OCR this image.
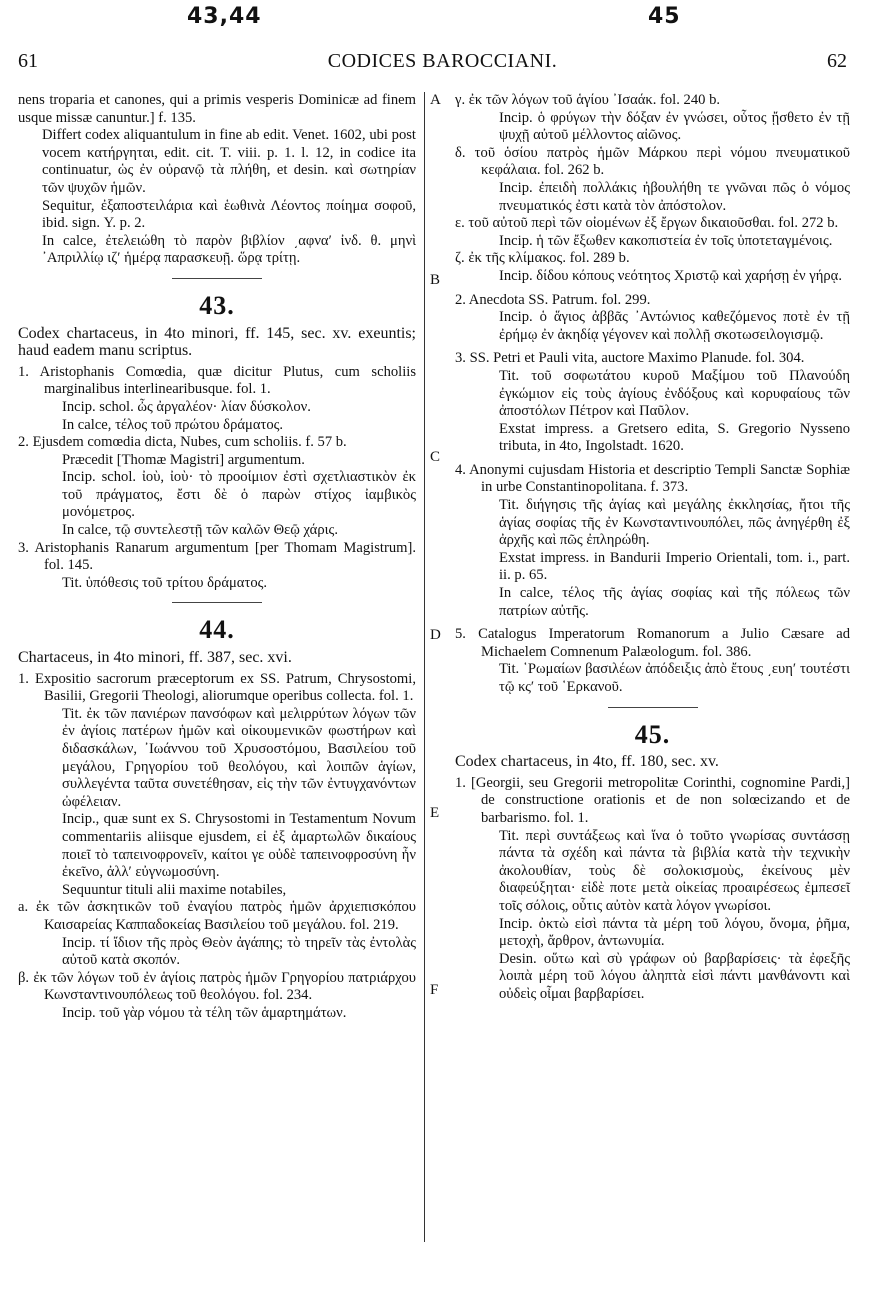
43,44	45
61	CODICES BAROCCIANI.	62
A
B
C
D
E
F

nens troparia et canones, qui a primis vesperis Dominicæ ad finem usque missæ canuntur.] f. 135.

Differt codex aliquantulum in fine ab edit. Venet. 1602, ubi post vocem κατήργηται, edit. cit. T. viii. p. 1. l. 12, in codice ita continuatur, ὡς ἐν οὐρανῷ τὰ πλήθη, et desin. καὶ σωτηρίαν τῶν ψυχῶν ἡμῶν.

Sequitur, ἐξαποστειλάρια καὶ ἑωθινὰ Λέοντος ποίημα σοφοῦ, ibid. sign. Υ. p. 2.

In calce, ἐτελειώθη τὸ παρὸν βιβλίον ͵αφνα′ ἰνδ. θ. μηνὶ ᾿Απριλλίῳ ιζ′ ἡμέρᾳ παρασκευῇ. ὥρᾳ τρίτῃ.

43.

Codex chartaceus, in 4to minori, ff. 145, sec. xv. exeuntis; haud eadem manu scriptus.

1. Aristophanis Comœdia, quæ dicitur Plutus, cum scholiis marginalibus interlinearibusque. fol. 1.

Incip. schol. ὦς ἀργαλέον· λίαν δύσκολον.

In calce, τέλος τοῦ πρώτου δράματος.

2. Ejusdem comœdia dicta, Nubes, cum scholiis. f. 57 b.

Præcedit [Thomæ Magistri] argumentum.

Incip. schol. ἰοὺ, ἰοὺ· τὸ προοίμιον ἐστὶ σχετλιαστικὸν ἐκ τοῦ πράγματος, ἔστι δὲ ὁ παρὼν στίχος ἰαμβικὸς μονόμετρος.

In calce, τῷ συντελεστῇ τῶν καλῶν Θεῷ χάρις.

3. Aristophanis Ranarum argumentum [per Thomam Magistrum]. fol. 145.

Tit. ὑπόθεσις τοῦ τρίτου δράματος.

44.

Chartaceus, in 4to minori, ff. 387, sec. xvi.

1. Expositio sacrorum præceptorum ex SS. Patrum, Chrysostomi, Basilii, Gregorii Theologi, aliorumque operibus collecta. fol. 1.

Tit. ἐκ τῶν πανιέρων πανσόφων καὶ μελιρρύτων λόγων τῶν ἐν ἁγίοις πατέρων ἡμῶν καὶ οἰκουμενικῶν φωστήρων καὶ διδασκάλων, ᾿Ιωάννου τοῦ Χρυσοστόμου, Βασιλείου τοῦ μεγάλου, Γρηγορίου τοῦ θεολόγου, καὶ λοιπῶν ἁγίων, συλλεγέντα ταῦτα συνετέθησαν, εἰς τὴν τῶν ἐντυγχανόντων ὠφέλειαν.

Incip., quæ sunt ex S. Chrysostomi in Testamentum Novum commentariis aliisque ejusdem, εἰ ἐξ ἁμαρτωλῶν δικαίους ποιεῖ τὸ ταπεινοφρονεῖν, καίτοι γε οὐδὲ ταπεινοφροσύνη ἦν ἐκεῖνο, ἀλλ′ εὐγνωμοσύνη.

Sequuntur tituli alii maxime notabiles,

a. ἐκ τῶν ἀσκητικῶν τοῦ ἐναγίου πατρὸς ἡμῶν ἀρχιεπισκόπου Καισαρείας Καππαδοκείας Βασιλείου τοῦ μεγάλου. fol. 219.

Incip. τί ἴδιον τῆς πρὸς Θεὸν ἀγάπης; τὸ τηρεῖν τὰς ἐντολὰς αὐτοῦ κατὰ σκοπόν.

β. ἐκ τῶν λόγων τοῦ ἐν ἁγίοις πατρὸς ἡμῶν Γρηγορίου πατριάρχου Κωνσταντινουπόλεως τοῦ θεολόγου. fol. 234.

Incip. τοῦ γὰρ νόμου τὰ τέλη τῶν ἁμαρτημάτων.

γ. ἐκ τῶν λόγων τοῦ ἁγίου ᾿Ισαάκ. fol. 240 b.

Incip. ὁ φρύγων τὴν δόξαν ἐν γνώσει, οὗτος ᾔσθετο ἐν τῇ ψυχῇ αὐτοῦ μέλλοντος αἰῶνος.

δ. τοῦ ὁσίου πατρὸς ἡμῶν Μάρκου περὶ νόμου πνευματικοῦ κεφάλαια. fol. 262 b.

Incip. ἐπειδὴ πολλάκις ἠβουλήθη τε γνῶναι πῶς ὁ νόμος πνευματικός ἐστι κατὰ τὸν ἀπόστολον.

ε. τοῦ αὐτοῦ περὶ τῶν οἰομένων ἐξ ἔργων δικαιοῦσθαι. fol. 272 b.

Incip. ἡ τῶν ἔξωθεν κακοπιστεία ἐν τοῖς ὑποτεταγμένοις.

ζ. ἐκ τῆς κλίμακος. fol. 289 b.

Incip. δίδου κόπους νεότητος Χριστῷ καὶ χαρήσῃ ἐν γήρᾳ.

2. Anecdota SS. Patrum. fol. 299.

Incip. ὁ ἅγιος ἀββᾶς ᾿Αντώνιος καθεζόμενος ποτὲ ἐν τῇ ἐρήμῳ ἐν ἀκηδίᾳ γέγονεν καὶ πολλῇ σκοτωσειλογισμῷ.

3. SS. Petri et Pauli vita, auctore Maximo Planude. fol. 304.

Tit. τοῦ σοφωτάτου κυροῦ Μαξίμου τοῦ Πλανούδη ἐγκώμιον εἰς τοὺς ἁγίους ἐνδόξους καὶ κορυφαίους τῶν ἀποστόλων Πέτρον καὶ Παῦλον.

Exstat impress. a Gretsero edita, S. Gregorio Nysseno tributa, in 4to, Ingolstadt. 1620.

4. Anonymi cujusdam Historia et descriptio Templi Sanctæ Sophiæ in urbe Constantinopolitana. f. 373.

Tit. διήγησις τῆς ἁγίας καὶ μεγάλης ἐκκλησίας, ἤτοι τῆς ἁγίας σοφίας τῆς ἐν Κωνσταντινουπόλει, πῶς ἀνηγέρθη ἐξ ἀρχῆς καὶ πῶς ἐπληρώθη.

Exstat impress. in Bandurii Imperio Orientali, tom. i., part. ii. p. 65.

In calce, τέλος τῆς ἁγίας σοφίας καὶ τῆς πόλεως τῶν πατρίων αὐτῆς.

5. Catalogus Imperatorum Romanorum a Julio Cæsare ad Michaelem Comnenum Palæologum. fol. 386.

Tit. ῾Ρωμαίων βασιλέων ἀπόδειξις ἀπὸ ἔτους ͵ευη′ τουτέστι τῷ κς′ τοῦ ῾Ερκανοῦ.

45.

Codex chartaceus, in 4to, ff. 180, sec. xv.

1. [Georgii, seu Gregorii metropolitæ Corinthi, cognomine Pardi,] de constructione orationis et de non solœcizando et de barbarismo. fol. 1.

Tit. περὶ συντάξεως καὶ ἵνα ὁ τοῦτο γνωρίσας συντάσσῃ πάντα τὰ σχέδη καὶ πάντα τὰ βιβλία κατὰ τὴν τεχνικὴν ἀκολουθίαν, τοὺς δὲ σολοκισμοὺς, ἐκείνους μὲν διαφεύξηται· εἰδὲ ποτε μετὰ οἰκείας προαιρέσεως ἐμπεσεῖ τοῖς σόλοις, οὗτις αὐτὸν κατὰ λόγον γνωρίσοι.

Incip. ὀκτὼ εἰσὶ πάντα τὰ μέρη τοῦ λόγου, ὄνομα, ῥῆμα, μετοχὴ, ἄρθρον, ἀντωνυμία.

Desin. οὕτω καὶ σὺ γράφων οὐ βαρβαρίσεις· τὰ ἐφεξῆς λοιπὰ μέρη τοῦ λόγου ἀληπτὰ εἰσὶ πάντι μανθάνοντι καὶ οὐδεὶς οἶμαι βαρβαρίσει.
